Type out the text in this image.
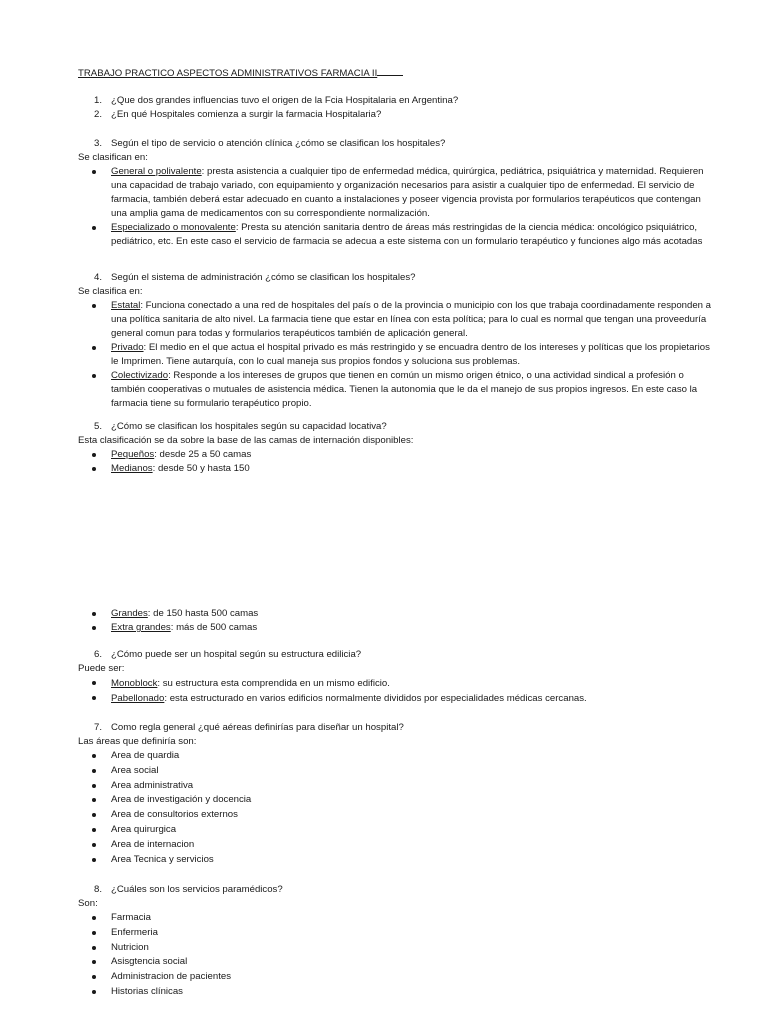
TRABAJO PRACTICO ASPECTOS ADMINISTRATIVOS FARMACIA II
1. ¿Que dos grandes influencias tuvo el origen de la Fcia Hospitalaria en Argentina?
2. ¿En qué Hospitales comienza a surgir la farmacia Hospitalaria?
3. Según el tipo de servicio o atención clínica ¿cómo se clasifican los hospitales?
Se clasifican en:
General o polivalente: presta asistencia a cualquier tipo de enfermedad médica, quirúrgica, pediátrica, psiquiátrica y maternidad. Requieren una capacidad de trabajo variado, con equipamiento y organización necesarios para asistir a cualquier tipo de enfermedad. El servicio de farmacia, también deberá estar adecuado en cuanto a instalaciones y poseer vigencia provista por formularios terapéuticos que contengan una amplia gama de medicamentos con su correspondiente normalización.
Especializado o monovalente: Presta su atención sanitaria dentro de áreas más restringidas de la ciencia médica: oncológico psiquiátrico, pediátrico, etc. En este caso el servicio de farmacia se adecua a este sistema con un formulario terapéutico y funciones algo más acotadas
4. Según el sistema de administración ¿cómo se clasifican los hospitales?
Se clasifica en:
Estatal: Funciona conectado a una red de hospitales del país o de la provincia o municipio con los que trabaja coordinadamente responden a una política sanitaria de alto nivel. La farmacia tiene que estar en línea con esta política; para lo cual es normal que tengan una proveeduría general comun para todas y formularios terapéuticos también de aplicación general.
Privado: El medio en el que actua el hospital privado es más restringido y se encuadra dentro de los intereses y políticas que los propietarios le Imprimen. Tiene autarquía, con lo cual maneja sus propios fondos y soluciona sus problemas.
Colectivizado: Responde a los intereses de grupos que tienen en común un mismo origen étnico, o una actividad sindical a profesión o también cooperativas o mutuales de asistencia médica. Tienen la autonomia que le da el manejo de sus propios ingresos. En este caso la farmacia tiene su formulario terapéutico propio.
5. ¿Cómo se clasifican los hospitales según su capacidad locativa?
Esta clasificación se da sobre la base de las camas de internación disponibles:
Pequeños: desde 25 a 50 camas
Medianos: desde 50 y hasta 150
Grandes: de 150 hasta 500 camas
Extra grandes: más de 500 camas
6. ¿Cómo puede ser un hospital según su estructura edilicia?
Puede ser:
Monoblock: su estructura esta comprendida en un mismo edificio.
Pabellonado: esta estructurado en varios edificios normalmente divididos por especialidades médicas cercanas.
7. Como regla general ¿qué aéreas definirías para diseñar un hospital?
Las áreas que definiría son:
Area de quardia
Area social
Area administrativa
Area de investigación y docencia
Area de consultorios externos
Area quirurgica
Area de internacion
Area Tecnica y servicios
8. ¿Cuáles son los servicios paramédicos?
Son:
Farmacia
Enfermeria
Nutricion
Asisgtencia social
Administracion de pacientes
Historias clínicas
